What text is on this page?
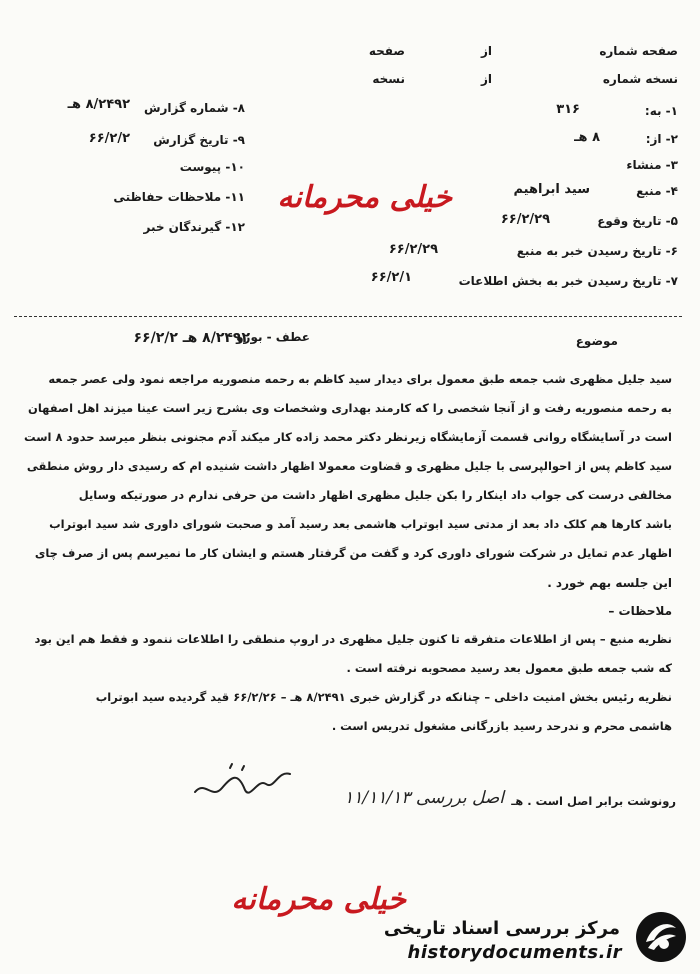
صفحه شماره
از
صفحه
نسخه شماره
از
نسخه
۱- به:
۳۱۶
۲- از:
۸ هـ
۳- منشاء
۴- منبع
سید ابراهیم
۵- تاریخ وقوع
۶۶/۲/۲۹
۶- تاریخ رسیدن خبر به منبع
۶۶/۲/۲۹
۷- تاریخ رسیدن خبر به بخش اطلاعات
۶۶/۲/۱
۸- شماره گزارش
۸/۲۴۹۲ هـ
۹- تاریخ گزارش
۶۶/۲/۲
۱۰- پیوست
۱۱- ملاحظات حفاظتی
۱۲- گیرندگان خبر
خیلی محرمانه
موضوع
عطف - بورو
۸/۲۴۹۲ هـ ۶۶/۲/۲
سید جلیل مظهری شب جمعه طبق معمول برای دیدار سید کاظم به رحمه منصوریه مراجعه نمود ولی عصر جمعه
به رحمه منصوریه رفت و از آنجا شخصی را که کارمند بهداری وشخصات وی بشرح زیر است عینا میزند اهل اصفهان
است در آسایشگاه روانی قسمت آزمایشگاه زیرنظر دکتر محمد زاده کار میکند آدم مجنونی بنظر میرسد حدود ۸ است
سید کاظم پس از احوالپرسی با جلیل مظهری و قضاوت معمولا اظهار داشت شنیده ام که رسیدی دار روش منطقی
مخالفی درست کی جواب داد اینکار را بکن جلیل مظهری اظهار داشت من حرفی ندارم در صورتیکه وسایل
باشد کارها هم کلک داد بعد از مدتی سید ابوتراب هاشمی بعد رسید آمد و صحبت شورای داوری شد سید ابوتراب
اظهار عدم تمایل در شرکت شورای داوری کرد و گفت من گرفتار هستم و ایشان کار ما نمیرسم پس از صرف چای
این جلسه بهم خورد .
ملاحظات –
نظریه منبع – پس از اطلاعات متفرقه تا کنون جلیل مظهری در اروپ منطقی را اطلاعات ننمود و فقط هم این بود
که شب جمعه طبق معمول بعد رسید مصحوبه نرفته است .
نظریه رئیس بخش امنیت داخلی – چنانکه در گزارش خبری ۸/۲۴۹۱ هـ – ۶۶/۲/۲۶ قید گردیده سید ابوتراب
هاشمی محرم و ندرحد رسید بازرگانی مشغول تدریس است .
اصل بررسی ۱۱/۱۱/۱۳ رونوشت برابر اصل است . هـ
خیلی محرمانه
مرکز بررسی اسناد تاریخی
historydocuments.ir
